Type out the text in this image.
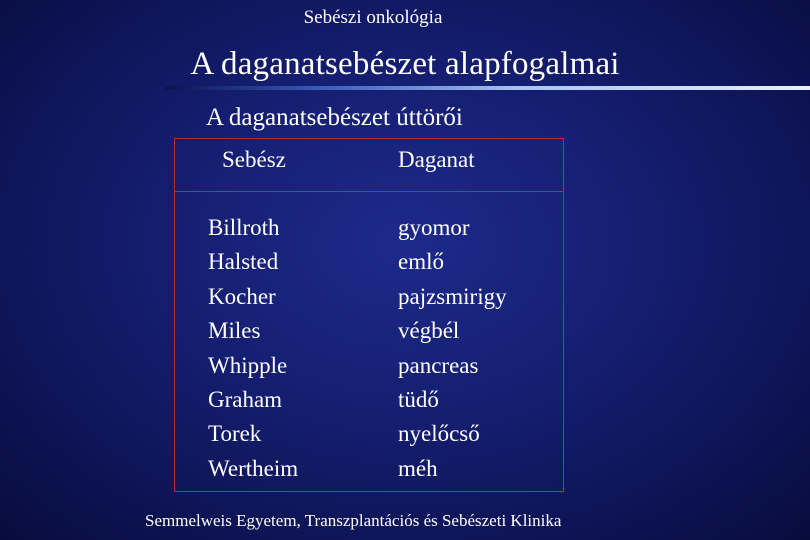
Sebészi onkológia
A daganatsebészet alapfogalmai
A daganatsebészet úttörői
Sebész	Daganat
Billroth
Halsted
Kocher
Miles
Whipple
Graham
Torek
Wertheim
gyomor
emlő
pajzsmirigy
végbél
pancreas
tüdő
nyelőcső
méh
Semmelweis Egyetem, Transzplantációs és Sebészeti Klinika
